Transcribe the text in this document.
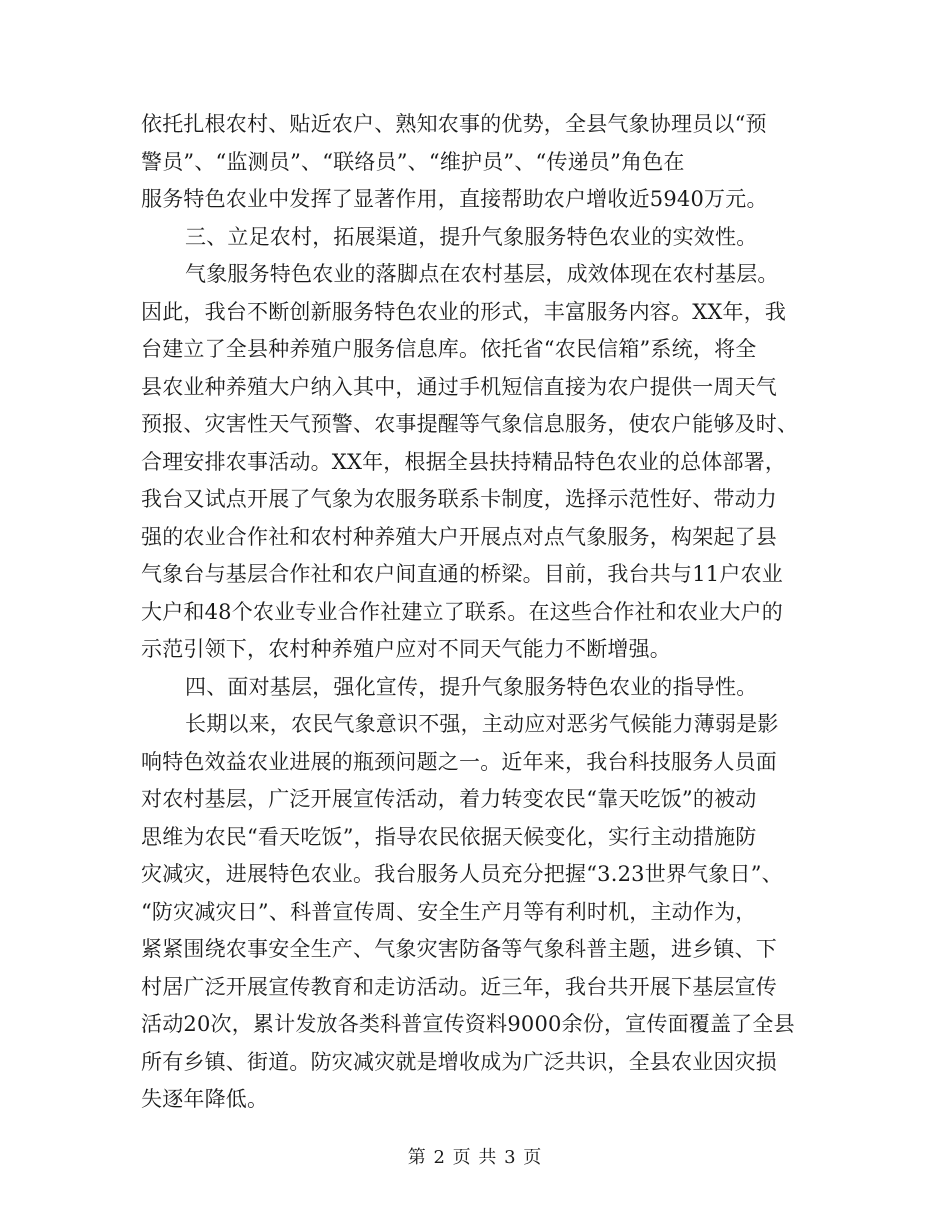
依托扎根农村、贴近农户、熟知农事的优势，全县气象协理员以“预
警员”、“监测员”、“联络员”、“维护员”、“传递员”角色在
服务特色农业中发挥了显著作用，直接帮助农户增收近5940万元。
三、立足农村，拓展渠道，提升气象服务特色农业的实效性。
气象服务特色农业的落脚点在农村基层，成效体现在农村基层。
因此，我台不断创新服务特色农业的形式，丰富服务内容。XX年，我
台建立了全县种养殖户服务信息库。依托省“农民信箱”系统，将全
县农业种养殖大户纳入其中，通过手机短信直接为农户提供一周天气
预报、灾害性天气预警、农事提醒等气象信息服务，使农户能够及时、
合理安排农事活动。XX年，根据全县扶持精品特色农业的总体部署，
我台又试点开展了气象为农服务联系卡制度，选择示范性好、带动力
强的农业合作社和农村种养殖大户开展点对点气象服务，构架起了县
气象台与基层合作社和农户间直通的桥梁。目前，我台共与11户农业
大户和48个农业专业合作社建立了联系。在这些合作社和农业大户的
示范引领下，农村种养殖户应对不同天气能力不断增强。
四、面对基层，强化宣传，提升气象服务特色农业的指导性。
长期以来，农民气象意识不强，主动应对恶劣气候能力薄弱是影
响特色效益农业进展的瓶颈问题之一。近年来，我台科技服务人员面
对农村基层，广泛开展宣传活动，着力转变农民“靠天吃饭”的被动
思维为农民“看天吃饭”，指导农民依据天候变化，实行主动措施防
灾减灾，进展特色农业。我台服务人员充分把握“3.23世界气象日”、
“防灾减灾日”、科普宣传周、安全生产月等有利时机，主动作为，
紧紧围绕农事安全生产、气象灾害防备等气象科普主题，进乡镇、下
村居广泛开展宣传教育和走访活动。近三年，我台共开展下基层宣传
活动20次，累计发放各类科普宣传资料9000余份，宣传面覆盖了全县
所有乡镇、街道。防灾减灾就是增收成为广泛共识，全县农业因灾损
失逐年降低。
第 2 页 共 3 页
